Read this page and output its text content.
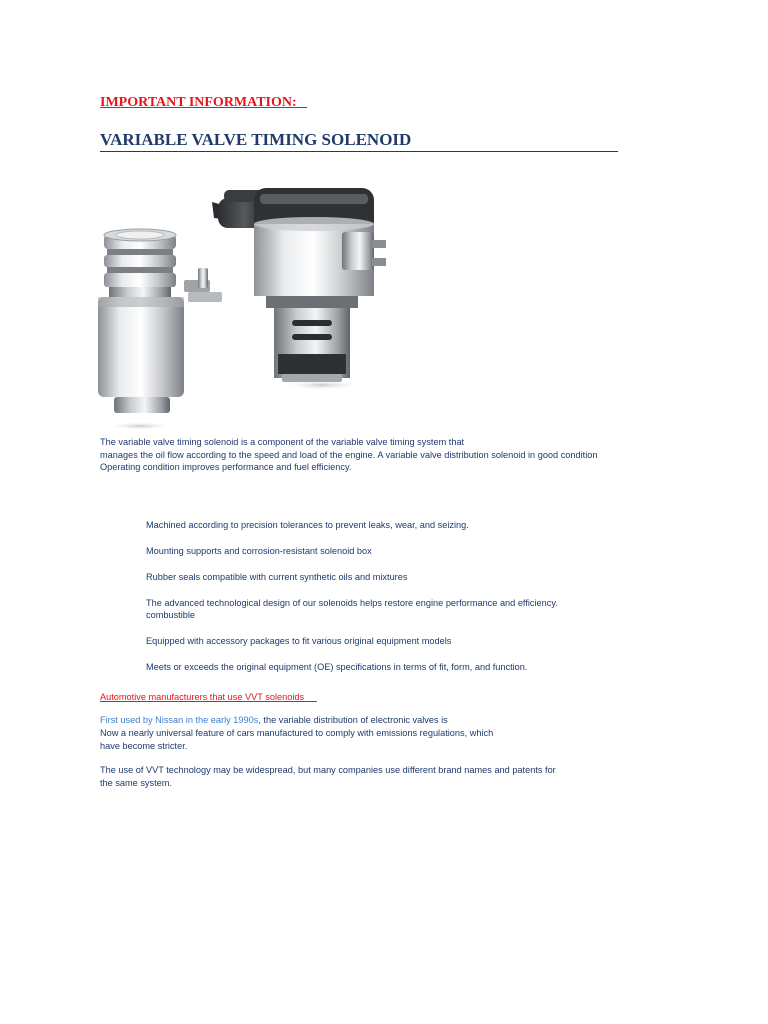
IMPORTANT INFORMATION:
VARIABLE VALVE TIMING SOLENOID
The variable valve timing solenoid is a component of the variable valve timing system that
manages the oil flow according to the speed and load of the engine. A variable valve distribution solenoid in good condition
Operating condition improves performance and fuel efficiency.
Machined according to precision tolerances to prevent leaks, wear, and seizing.
Mounting supports and corrosion-resistant solenoid box
Rubber seals compatible with current synthetic oils and mixtures
The advanced technological design of our solenoids helps restore engine performance and efficiency.
combustible
Equipped with accessory packages to fit various original equipment models
Meets or exceeds the original equipment (OE) specifications in terms of fit, form, and function.
Automotive manufacturers that use VVT solenoids
First used by Nissan in the early 1990s, the variable distribution of electronic valves is
Now a nearly universal feature of cars manufactured to comply with emissions regulations, which
have become stricter.
The use of VVT technology may be widespread, but many companies use different brand names and patents for
the same system.
